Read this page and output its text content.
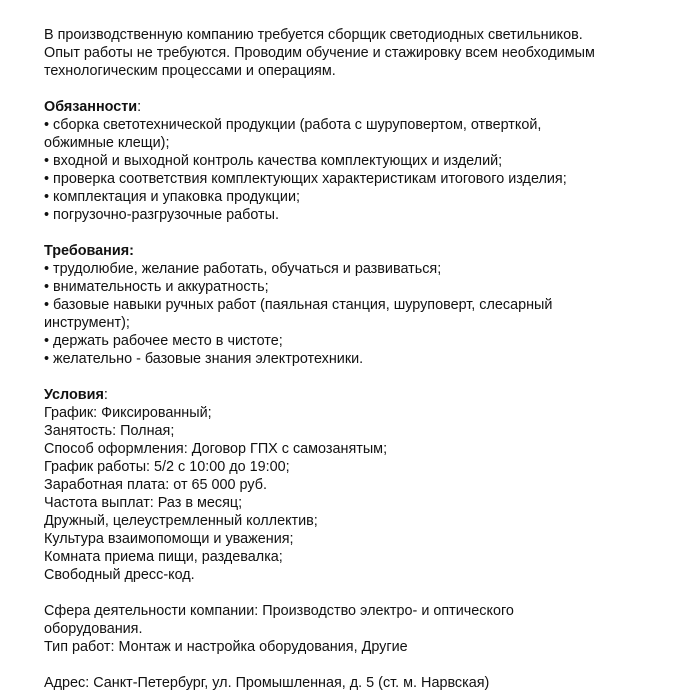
В производственную компанию требуется сборщик светодиодных светильников.
Опыт работы не требуются. Проводим обучение и стажировку всем необходимым
технологическим процессами и операциям.
Обязанности:
• сборка светотехнической продукции (работа с шуруповертом, отверткой,
обжимные клещи);
• входной и выходной контроль качества комплектующих и изделий;
• проверка соответствия комплектующих характеристикам итогового изделия;
• комплектация и упаковка продукции;
• погрузочно-разгрузочные работы.
Требования:
• трудолюбие, желание работать, обучаться и развиваться;
• внимательность и аккуратность;
• базовые навыки ручных работ (паяльная станция, шуруповерт, слесарный
инструмент);
• держать рабочее место в чистоте;
• желательно - базовые знания электротехники.
Условия:
График: Фиксированный;
Занятость: Полная;
Способ оформления: Договор ГПХ с самозанятым;
График работы: 5/2 с 10:00 до 19:00;
Заработная плата: от 65 000 руб.
Частота выплат: Раз в месяц;
Дружный, целеустремленный коллектив;
Культура взаимопомощи и уважения;
Комната приема пищи, раздевалка;
Свободный дресс-код.
Сфера деятельности компании: Производство электро- и оптического
оборудования.
Тип работ: Монтаж и настройка оборудования, Другие
Адрес: Санкт-Петербург, ул. Промышленная, д. 5 (ст. м. Нарвская)
